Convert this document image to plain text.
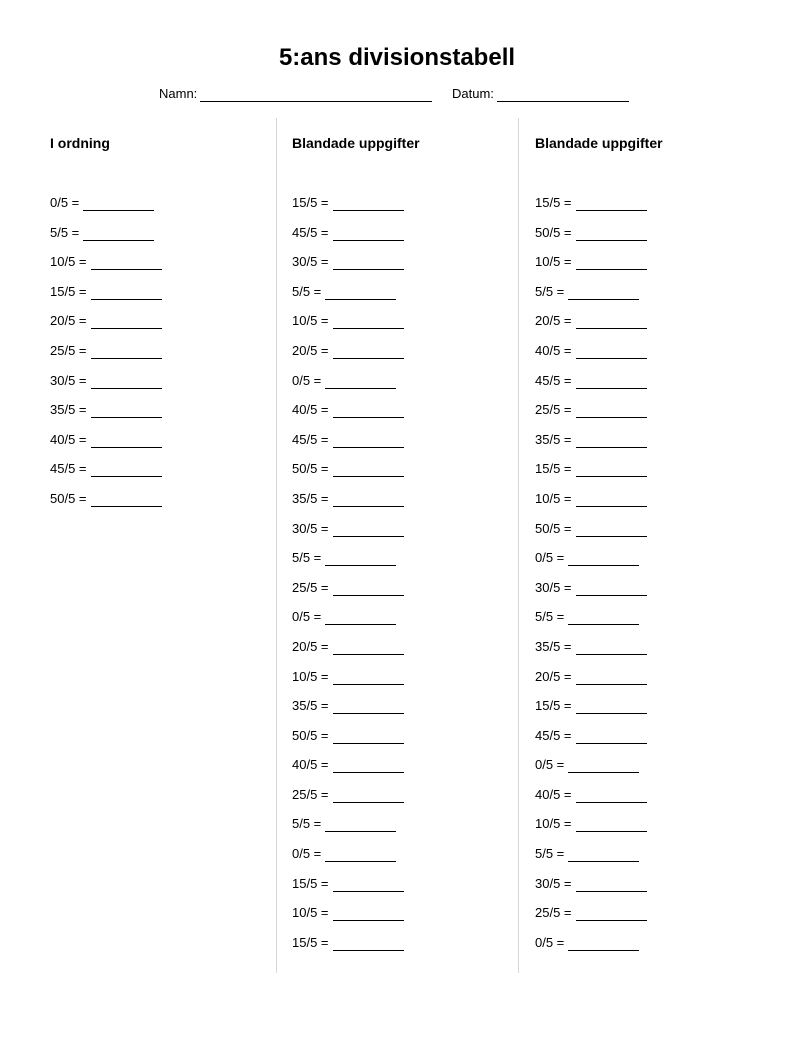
5:ans divisionstabell
Namn:	Datum:
I ordning
0/5 =
5/5 =
10/5 =
15/5 =
20/5 =
25/5 =
30/5 =
35/5 =
40/5 =
45/5 =
50/5 =
Blandade uppgifter
15/5 =
45/5 =
30/5 =
5/5 =
10/5 =
20/5 =
0/5 =
40/5 =
45/5 =
50/5 =
35/5 =
30/5 =
5/5 =
25/5 =
0/5 =
20/5 =
10/5 =
35/5 =
50/5 =
40/5 =
25/5 =
5/5 =
0/5 =
15/5 =
10/5 =
15/5 =
Blandade uppgifter
15/5 =
50/5 =
10/5 =
5/5 =
20/5 =
40/5 =
45/5 =
25/5 =
35/5 =
15/5 =
10/5 =
50/5 =
0/5 =
30/5 =
5/5 =
35/5 =
20/5 =
15/5 =
45/5 =
0/5 =
40/5 =
10/5 =
5/5 =
30/5 =
25/5 =
0/5 =
